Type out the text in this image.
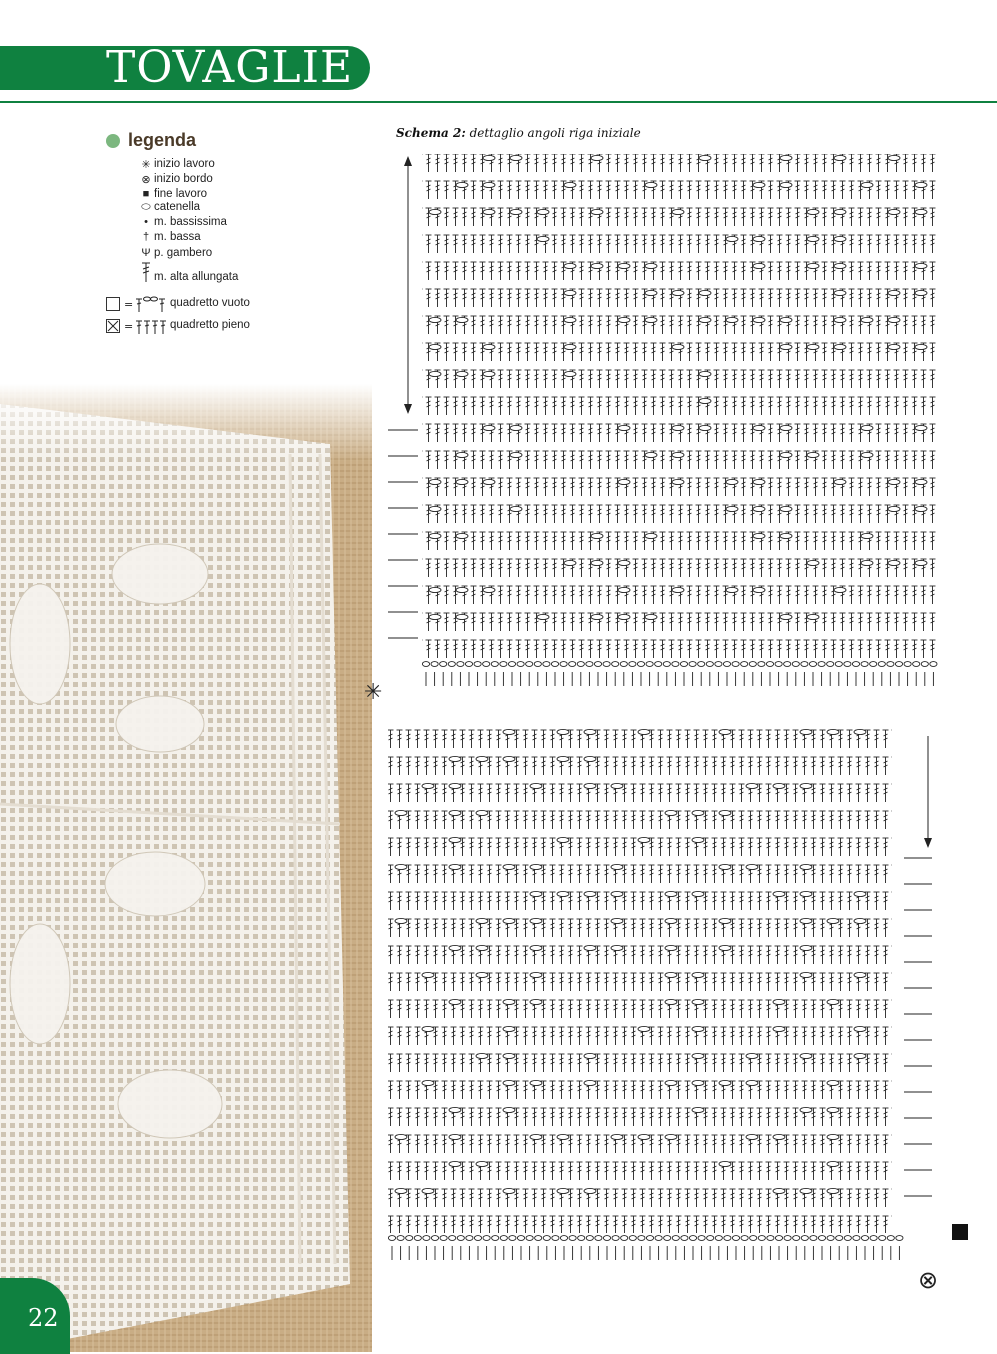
TOVAGLIE
legenda
✳ inizio lavoro
⊗ inizio bordo
■ fine lavoro
⬭ catenella
• m. bassissima
† m. bassa
Ψ p. gambero
m. alta allungata
=	quadretto vuoto
=	quadretto pieno
Schema 2: dettaglio angoli riga iniziale
✳
⊗
22
